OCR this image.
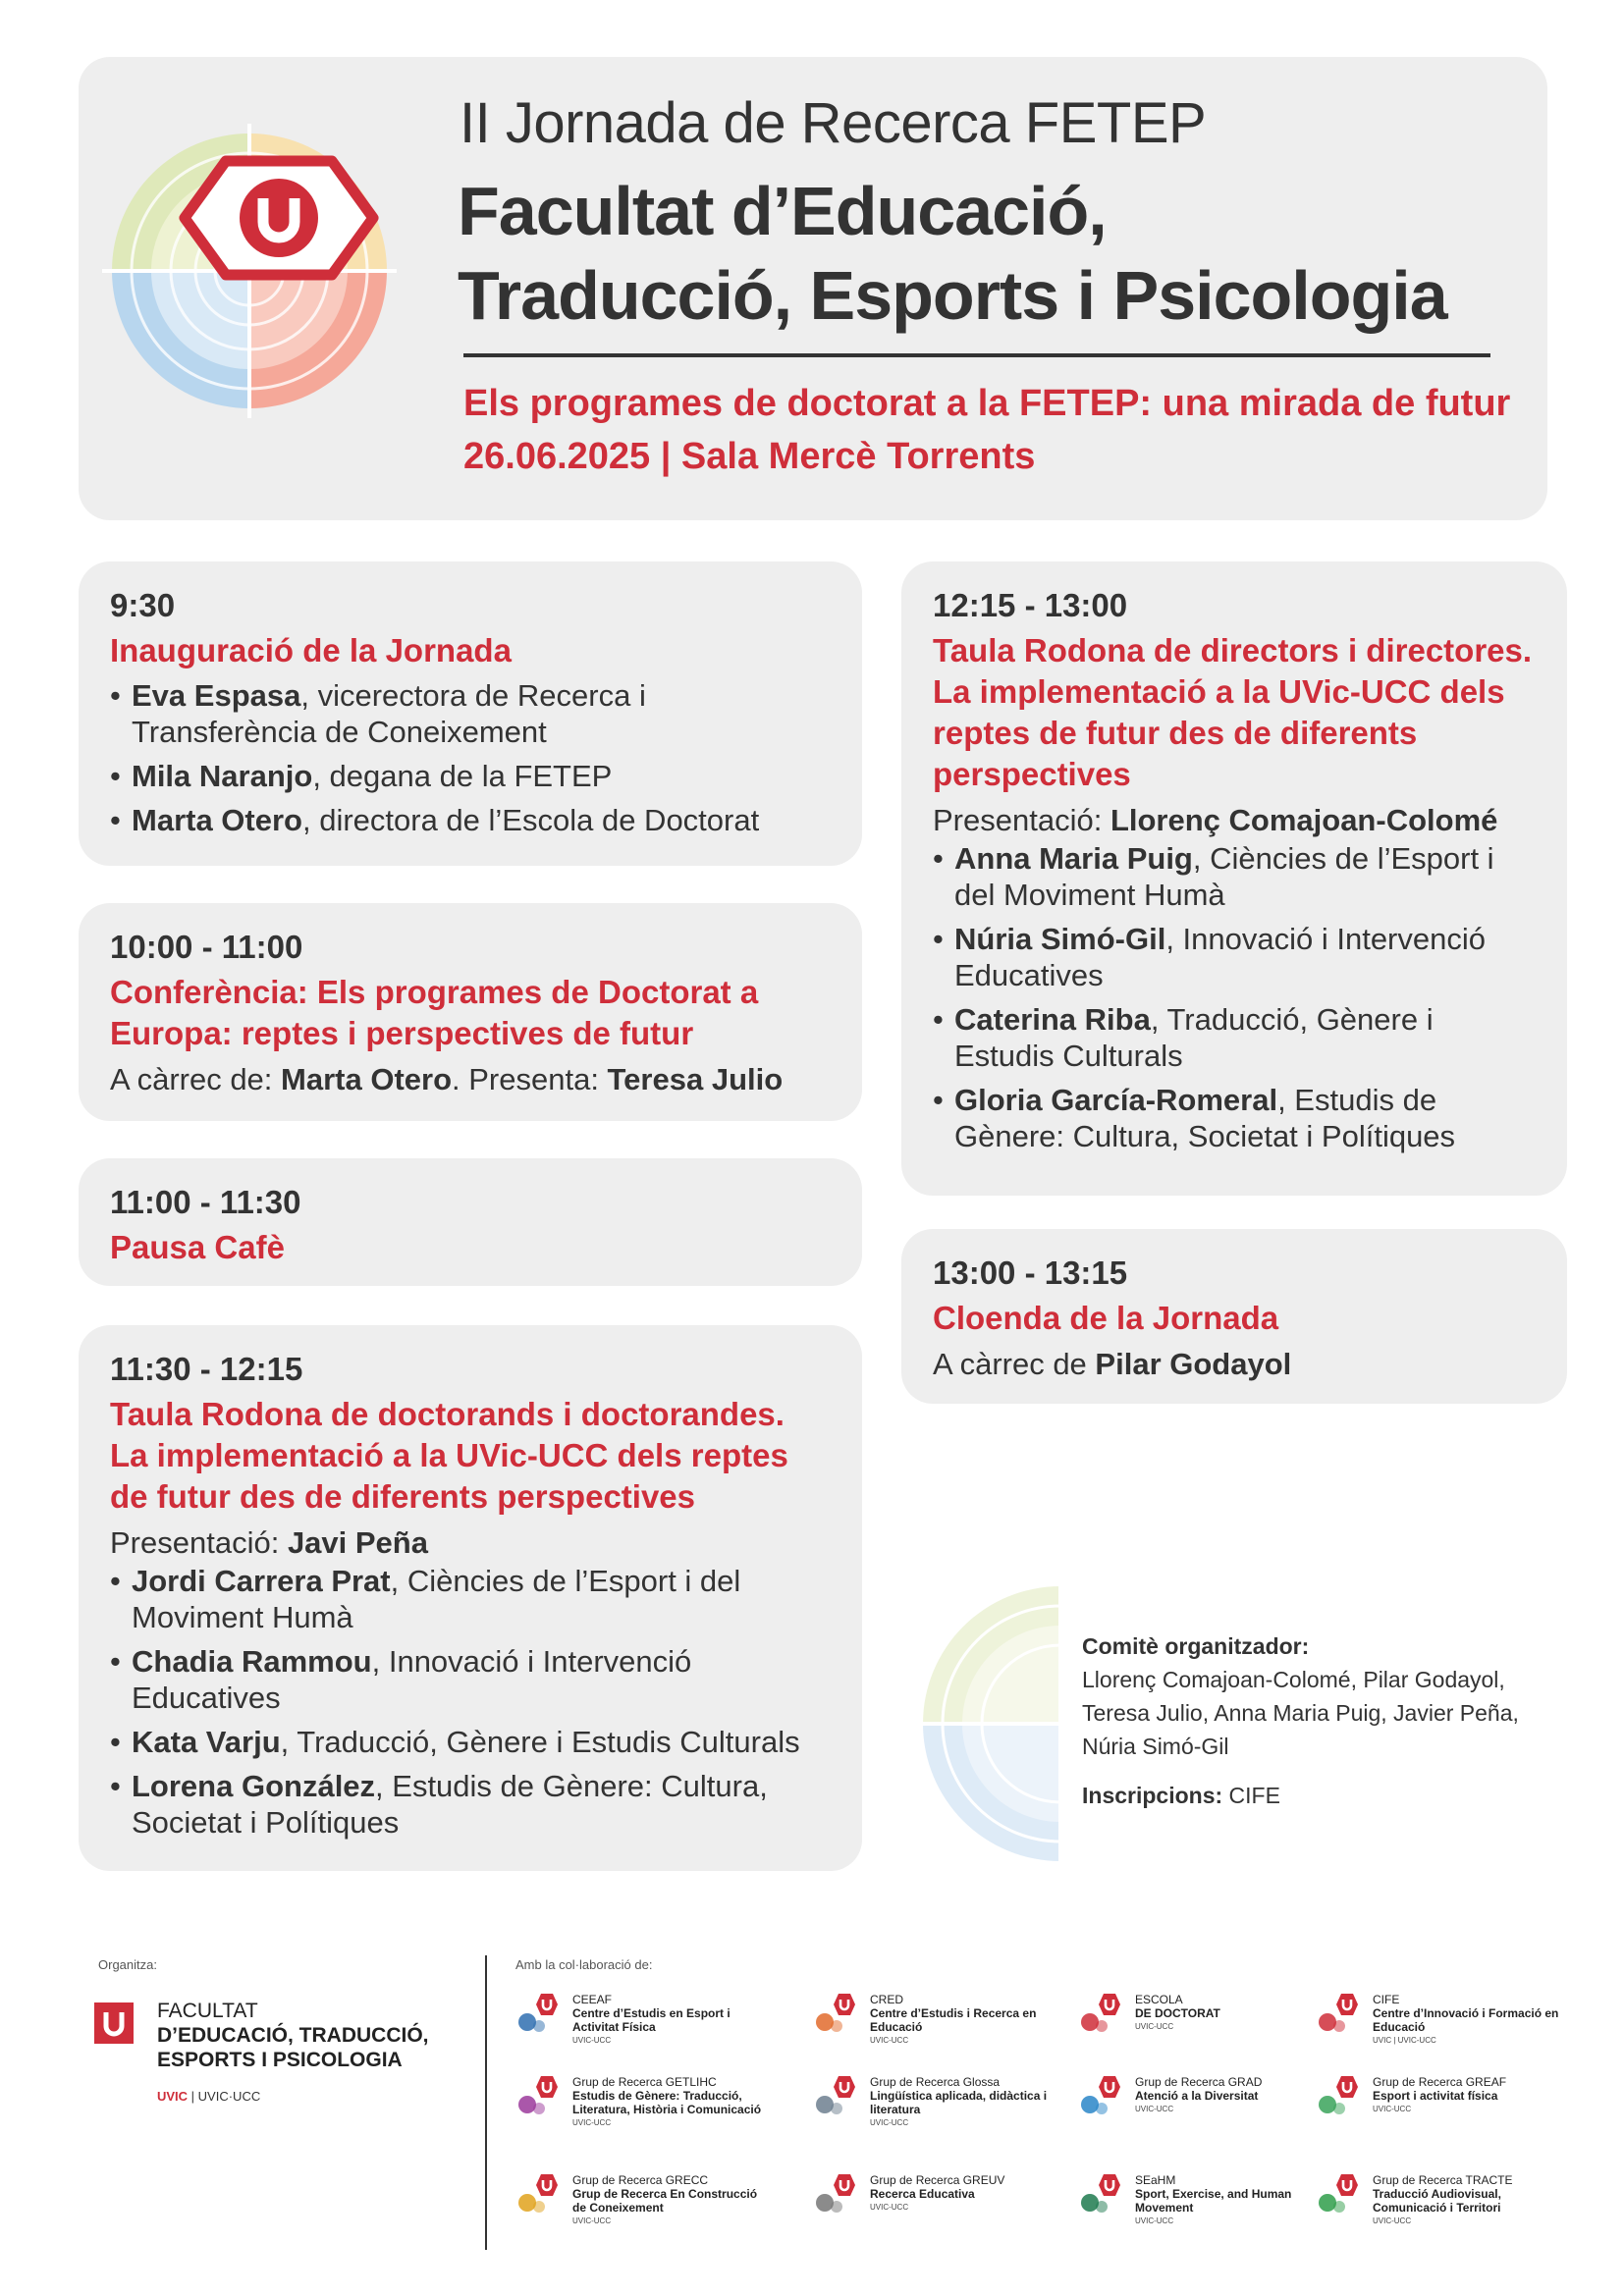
II Jornada de Recerca FETEP
Facultat d’Educació,
Traducció, Esports i Psicologia
Els programes de doctorat a la FETEP: una mirada de futur
26.06.2025 | Sala Mercè Torrents
9:30
Inauguració de la Jornada
• Eva Espasa, vicerectora de Recerca i Transferència de Coneixement
• Mila Naranjo, degana de la FETEP
• Marta Otero, directora de l’Escola de Doctorat
10:00 - 11:00
Conferència: Els programes de Doctorat a Europa: reptes i perspectives de futur
A càrrec de: Marta Otero. Presenta: Teresa Julio
11:00 - 11:30
Pausa Cafè
11:30 - 12:15
Taula Rodona de doctorands i doctorandes. La implementació a la UVic-UCC dels reptes de futur des de diferents perspectives
Presentació: Javi Peña
• Jordi Carrera Prat, Ciències de l’Esport i del Moviment Humà
• Chadia Rammou, Innovació i Intervenció Educatives
• Kata Varju, Traducció, Gènere i Estudis Culturals
• Lorena González, Estudis de Gènere: Cultura, Societat i Polítiques
12:15 - 13:00
Taula Rodona de directors i directores. La implementació a la UVic-UCC dels reptes de futur des de diferents perspectives
Presentació: Llorenç Comajoan-Colomé
• Anna Maria Puig, Ciències de l’Esport i del Moviment Humà
• Núria Simó-Gil, Innovació i Intervenció Educatives
• Caterina Riba, Traducció, Gènere i Estudis Culturals
• Gloria García-Romeral, Estudis de Gènere: Cultura, Societat i Polítiques
13:00 - 13:15
Cloenda de la Jornada
A càrrec de Pilar Godayol
Comitè organitzador:
Llorenç Comajoan-Colomé, Pilar Godayol, Teresa Julio, Anna Maria Puig, Javier Peña, Núria Simó-Gil
Inscripcions: CIFE
Organitza:	Amb la col·laboració de:
FACULTAT
D’EDUCACIÓ, TRADUCCIÓ,
ESPORTS I PSICOLOGIA
UVIC | UVIC·UCC
CEEAF
Centre d’Estudis en Esport i Activitat Física
UVIC-UCC
CRED
Centre d’Estudis i Recerca en Educació
UVIC-UCC
ESCOLA
DE DOCTORAT
UVIC-UCC
CIFE
Centre d’Innovació i Formació en Educació
UVIC | UVIC-UCC
Grup de Recerca GETLIHC
Estudis de Gènere: Traducció, Literatura, Història i Comunicació
UVIC-UCC
Grup de Recerca Glossa
Lingüística aplicada, didàctica i literatura
UVIC-UCC
Grup de Recerca GRAD
Atenció a la Diversitat
UVIC-UCC
Grup de Recerca GREAF
Esport i activitat física
UVIC-UCC
Grup de Recerca GRECC
Grup de Recerca En Construcció de Coneixement
UVIC-UCC
Grup de Recerca GREUV
Recerca Educativa
UVIC-UCC
SEaHM
Sport, Exercise, and Human Movement
UVIC-UCC
Grup de Recerca TRACTE
Traducció Audiovisual, Comunicació i Territori
UVIC-UCC
